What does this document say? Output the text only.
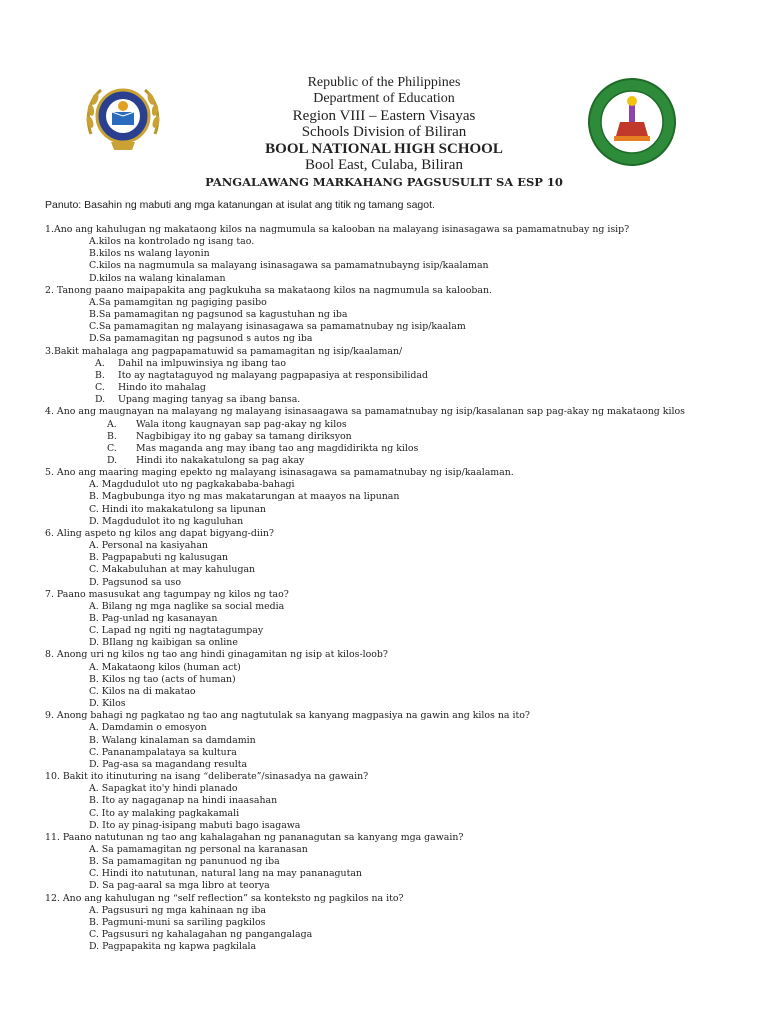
Republic of the Philippines
Department of Education
Region VIII – Eastern Visayas
Schools Division of Biliran
BOOL NATIONAL HIGH SCHOOL
Bool East, Culaba, Biliran
PANGALAWANG MARKAHANG PAGSUSULIT SA ESP 10
Panuto: Basahin ng mabuti ang mga katanungan at isulat ang titik ng tamang sagot.
1.Ano ang kahulugan ng makataong kilos na nagmumula sa kalooban na malayang isinasagawa sa pamamatnubay ng isip?
A.kilos na kontrolado ng isang tao.
B.kilos ns walang layonin
C.kilos na nagmumula sa malayang isinasagawa sa pamamatnubayng isip/kaalaman
D.kilos na walang kinalaman
2. Tanong paano maipapakita ang pagkukuha sa makataong kilos na nagmumula sa kalooban.
A.Sa pamamgitan ng pagiging pasibo
B.Sa pamamagitan ng pagsunod sa kagustuhan ng iba
C.Sa pamamagitan ng malayang isinasagawa sa pamamatnubay ng isip/kaalam
D.Sa pamamagitan ng pagsunod s autos ng iba
3.Bakit mahalaga ang pagpapamatuwid sa pamamagitan ng isip/kaalaman/
A. Dahil na imlpuwinsiya ng ibang tao
B. Ito ay nagtataguyod ng malayang pagpapasiya at responsibilidad
C. Hindo ito mahalag
D. Upang maging tanyag sa ibang bansa.
4. Ano ang maugnayan na malayang ng malayang isinasaagawa sa pamamatnubay ng isip/kasalanan sap pag-akay ng makataong kilos
A. Wala itong kaugnayan sap pag-akay ng kilos
B. Nagbibigay ito ng gabay sa tamang diriksyon
C. Mas maganda ang may ibang tao ang magdidirikta ng kilos
D. Hindi ito nakakatulong sa pag akay
5. Ano ang maaring maging epekto ng malayang isinasagawa sa pamamatnubay ng isip/kaalaman.
A. Magdudulot uto ng pagkakababa-bahagi
B. Magbubunga ityo ng mas makatarungan at maayos na lipunan
C. Hindi ito makakatulong sa lipunan
D. Magdudulot ito ng kaguluhan
6. Aling aspeto ng kilos ang dapat bigyang-diin?
A. Personal na kasiyahan
B. Pagpapabuti ng kalusugan
C. Makabuluhan at may kahulugan
D. Pagsunod sa uso
7. Paano masusukat ang tagumpay ng kilos ng tao?
A. Bilang ng mga naglike sa social media
B. Pag-unlad ng kasanayan
C. Lapad ng ngiti ng nagtatagumpay
D. BIlang ng kaibigan sa online
8. Anong uri ng kilos ng tao ang hindi ginagamitan ng isip at kilos-loob?
A. Makataong kilos (human act)
B. Kilos ng tao (acts of human)
C. Kilos na di makatao
D. Kilos
9. Anong bahagi ng pagkatao ng tao ang nagtutulak sa kanyang magpasiya na gawin ang kilos na ito?
A. Damdamin o emosyon
B. Walang kinalaman sa damdamin
C. Pananampalataya sa kultura
D. Pag-asa sa magandang resulta
10. Bakit ito itinuturing na isang “deliberate”/sinasadya na gawain?
A. Sapagkat ito'y hindi planado
B. Ito ay nagaganap na hindi inaasahan
C. Ito ay malaking pagkakamali
D. Ito ay pinag-isipang mabuti bago isagawa
11. Paano natutunan ng tao ang kahalagahan ng pananagutan sa kanyang mga gawain?
A. Sa pamamagitan ng personal na karanasan
B. Sa pamamagitan ng panunuod ng iba
C. Hindi ito natutunan, natural lang na may pananagutan
D. Sa pag-aaral sa mga libro at teorya
12. Ano ang kahulugan ng “self reflection” sa konteksto ng pagkilos na ito?
A. Pagsusuri ng mga kahinaan ng iba
B. Pagmuni-muni sa sariling pagkilos
C. Pagsusuri ng kahalagahan ng pangangalaga
D. Pagpapakita ng kapwa pagkilala
